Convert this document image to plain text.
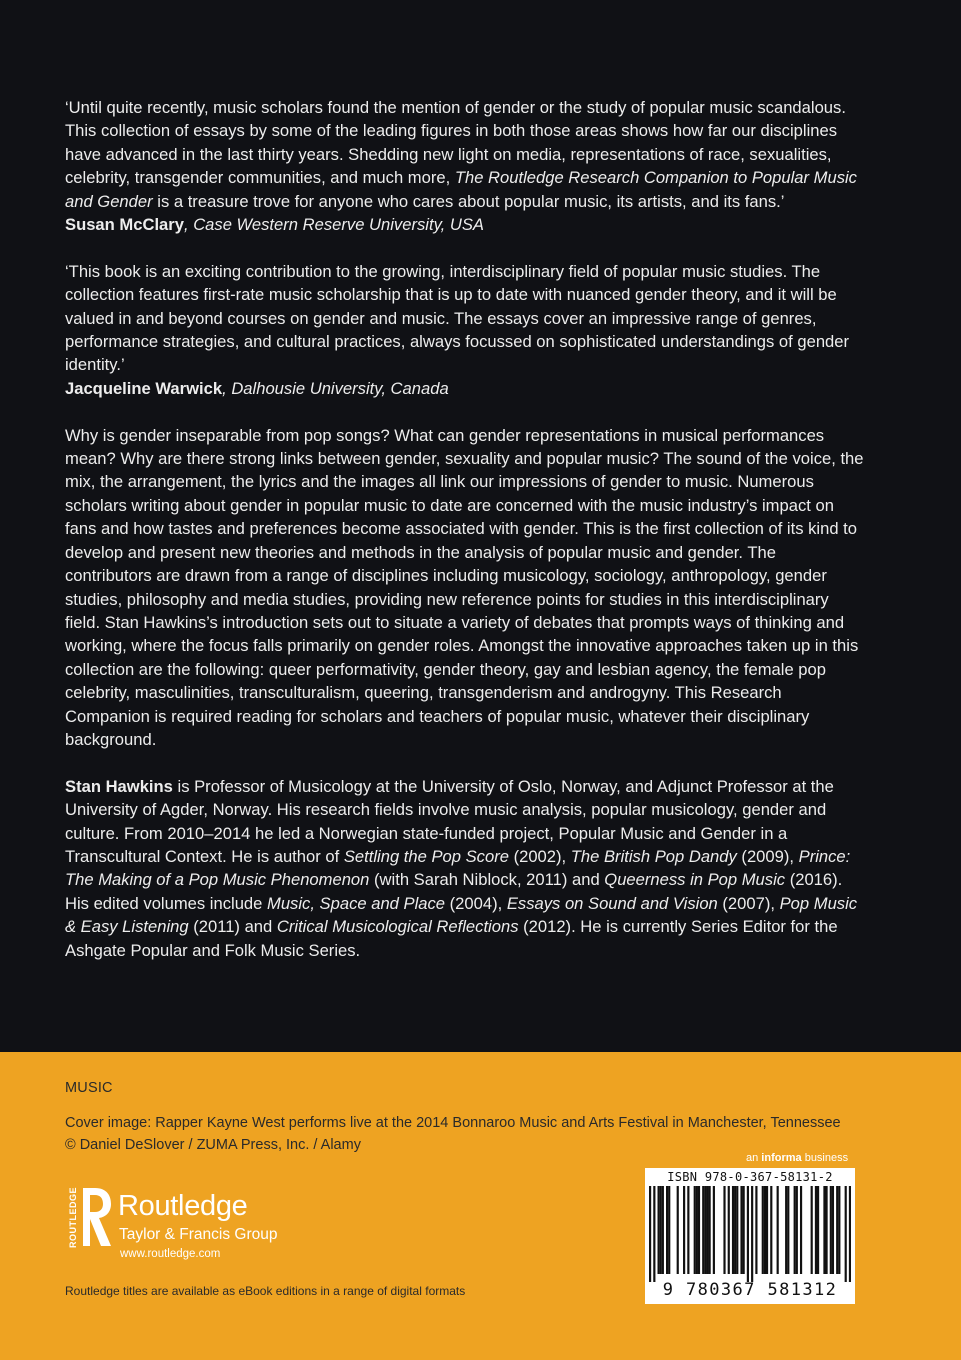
‘Until quite recently, music scholars found the mention of gender or the study of popular music scandalous. This collection of essays by some of the leading figures in both those areas shows how far our disciplines have advanced in the last thirty years. Shedding new light on media, representations of race, sexualities, celebrity, transgender communities, and much more, The Routledge Research Companion to Popular Music and Gender is a treasure trove for anyone who cares about popular music, its artists, and its fans.’

Susan McClary, Case Western Reserve University, USA

‘This book is an exciting contribution to the growing, interdisciplinary field of popular music studies. The collection features first-rate music scholarship that is up to date with nuanced gender theory, and it will be valued in and beyond courses on gender and music. The essays cover an impressive range of genres, performance strategies, and cultural practices, always focussed on sophisticated understandings of gender identity.’

Jacqueline Warwick, Dalhousie University, Canada

Why is gender inseparable from pop songs? What can gender representations in musical performances mean? Why are there strong links between gender, sexuality and popular music? The sound of the voice, the mix, the arrangement, the lyrics and the images all link our impressions of gender to music. Numerous scholars writing about gender in popular music to date are concerned with the music industry’s impact on fans and how tastes and preferences become associated with gender. This is the first collection of its kind to develop and present new theories and methods in the analysis of popular music and gender. The contributors are drawn from a range of disciplines including musicology, sociology, anthropology, gender studies, philosophy and media studies, providing new reference points for studies in this interdisciplinary field. Stan Hawkins’s introduction sets out to situate a variety of debates that prompts ways of thinking and working, where the focus falls primarily on gender roles. Amongst the innovative approaches taken up in this collection are the following: queer performativity, gender theory, gay and lesbian agency, the female pop celebrity, masculinities, transculturalism, queering, transgenderism and androgyny. This Research Companion is required reading for scholars and teachers of popular music, whatever their disciplinary background.

Stan Hawkins is Professor of Musicology at the University of Oslo, Norway, and Adjunct Professor at the University of Agder, Norway. His research fields involve music analysis, popular musicology, gender and culture. From 2010–2014 he led a Norwegian state-funded project, Popular Music and Gender in a Transcultural Context. He is author of Settling the Pop Score (2002), The British Pop Dandy (2009), Prince: The Making of a Pop Music Phenomenon (with Sarah Niblock, 2011) and Queerness in Pop Music (2016). His edited volumes include Music, Space and Place (2004), Essays on Sound and Vision (2007), Pop Music & Easy Listening (2011) and Critical Musicological Reflections (2012). He is currently Series Editor for the Ashgate Popular and Folk Music Series.

MUSIC
Cover image: Rapper Kayne West performs live at the 2014 Bonnaroo Music and Arts Festival in Manchester, Tennessee © Daniel DeSlover / ZUMA Press, Inc. / Alamy
an informa business
ROUTLEDGE Routledge
Taylor & Francis Group
www.routledge.com
Routledge titles are available as eBook editions in a range of digital formats
ISBN 978-0-367-58131-2
9 780367 581312
